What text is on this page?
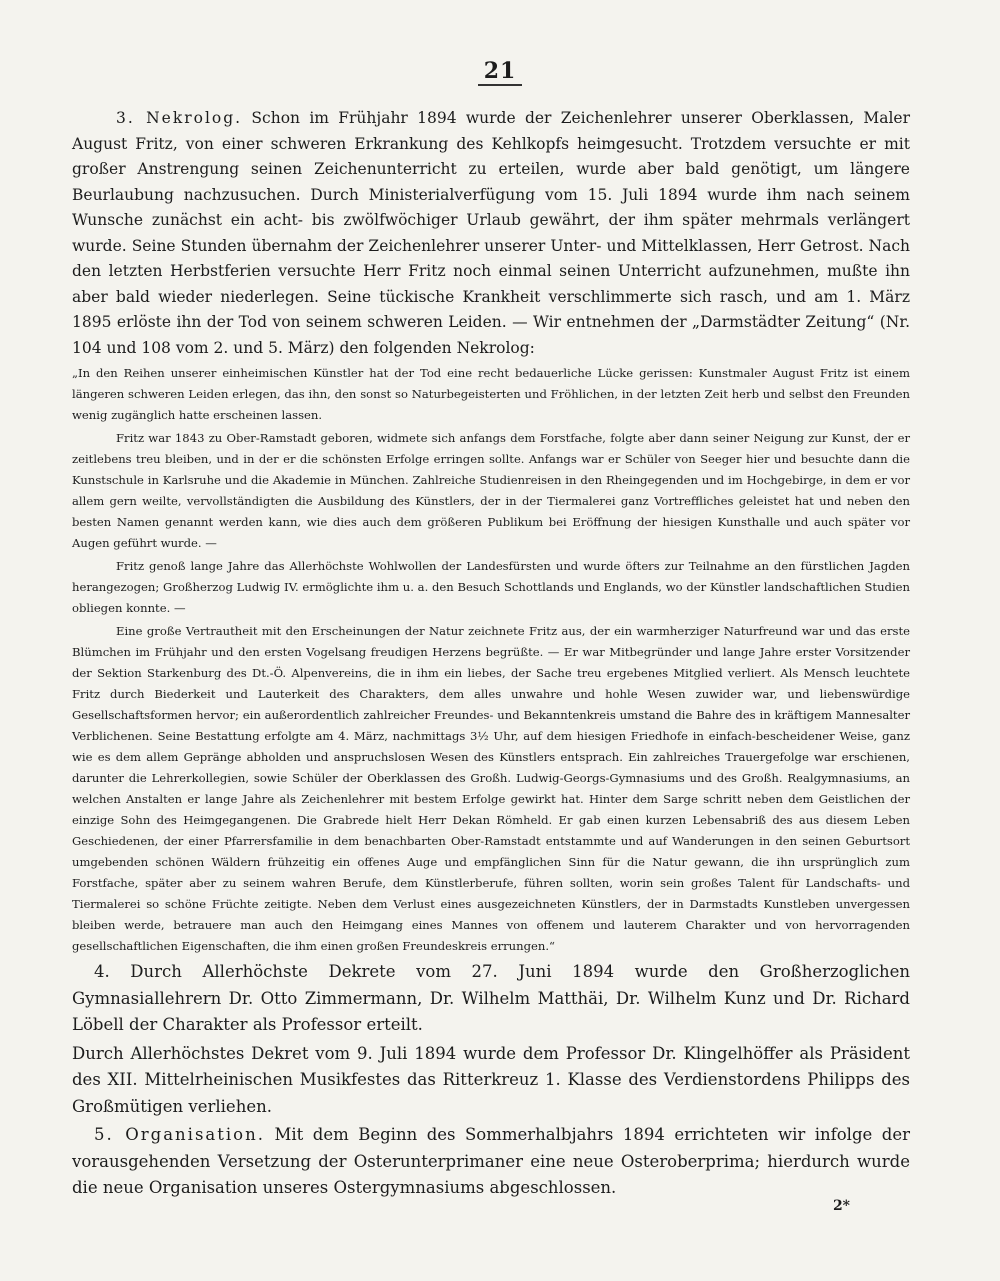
21

3. Nekrolog. Schon im Frühjahr 1894 wurde der Zeichenlehrer unserer Oberklassen, Maler August Fritz, von einer schweren Erkrankung des Kehlkopfs heimgesucht. Trotzdem versuchte er mit großer Anstrengung seinen Zeichenunterricht zu erteilen, wurde aber bald genötigt, um längere Beurlaubung nachzusuchen. Durch Ministerialverfügung vom 15. Juli 1894 wurde ihm nach seinem Wunsche zunächst ein acht- bis zwölfwöchiger Urlaub gewährt, der ihm später mehrmals verlängert wurde. Seine Stunden übernahm der Zeichenlehrer unserer Unter- und Mittelklassen, Herr Getrost. Nach den letzten Herbstferien versuchte Herr Fritz noch einmal seinen Unterricht aufzunehmen, mußte ihn aber bald wieder niederlegen. Seine tückische Krankheit verschlimmerte sich rasch, und am 1. März 1895 erlöste ihn der Tod von seinem schweren Leiden. — Wir entnehmen der „Darmstädter Zeitung“ (Nr. 104 und 108 vom 2. und 5. März) den folgenden Nekrolog:

„In den Reihen unserer einheimischen Künstler hat der Tod eine recht bedauerliche Lücke gerissen: Kunstmaler August Fritz ist einem längeren schweren Leiden erlegen, das ihn, den sonst so Naturbegeisterten und Fröhlichen, in der letzten Zeit herb und selbst den Freunden wenig zugänglich hatte erscheinen lassen.

Fritz war 1843 zu Ober-Ramstadt geboren, widmete sich anfangs dem Forstfache, folgte aber dann seiner Neigung zur Kunst, der er zeitlebens treu bleiben, und in der er die schönsten Erfolge erringen sollte. Anfangs war er Schüler von Seeger hier und besuchte dann die Kunstschule in Karlsruhe und die Akademie in München. Zahlreiche Studienreisen in den Rheingegenden und im Hochgebirge, in dem er vor allem gern weilte, vervollständigten die Ausbildung des Künstlers, der in der Tiermalerei ganz Vortreffliches geleistet hat und neben den besten Namen genannt werden kann, wie dies auch dem größeren Publikum bei Eröffnung der hiesigen Kunsthalle und auch später vor Augen geführt wurde. —

Fritz genoß lange Jahre das Allerhöchste Wohlwollen der Landesfürsten und wurde öfters zur Teilnahme an den fürstlichen Jagden herangezogen; Großherzog Ludwig IV. ermöglichte ihm u. a. den Besuch Schottlands und Englands, wo der Künstler landschaftlichen Studien obliegen konnte. —

Eine große Vertrautheit mit den Erscheinungen der Natur zeichnete Fritz aus, der ein warmherziger Naturfreund war und das erste Blümchen im Frühjahr und den ersten Vogelsang freudigen Herzens begrüßte. — Er war Mitbegründer und lange Jahre erster Vorsitzender der Sektion Starkenburg des Dt.-Ö. Alpenvereins, die in ihm ein liebes, der Sache treu ergebenes Mitglied verliert. Als Mensch leuchtete Fritz durch Biederkeit und Lauterkeit des Charakters, dem alles unwahre und hohle Wesen zuwider war, und liebenswürdige Gesellschaftsformen hervor; ein außerordentlich zahlreicher Freundes- und Bekanntenkreis umstand die Bahre des in kräftigem Mannesalter Verblichenen. Seine Bestattung erfolgte am 4. März, nachmittags 3½ Uhr, auf dem hiesigen Friedhofe in einfach-bescheidener Weise, ganz wie es dem allem Gepränge abholden und anspruchslosen Wesen des Künstlers entsprach. Ein zahlreiches Trauergefolge war erschienen, darunter die Lehrerkollegien, sowie Schüler der Oberklassen des Großh. Ludwig-Georgs-Gymnasiums und des Großh. Realgymnasiums, an welchen Anstalten er lange Jahre als Zeichenlehrer mit bestem Erfolge gewirkt hat. Hinter dem Sarge schritt neben dem Geistlichen der einzige Sohn des Heimgegangenen. Die Grabrede hielt Herr Dekan Römheld. Er gab einen kurzen Lebensabriß des aus diesem Leben Geschiedenen, der einer Pfarrersfamilie in dem benachbarten Ober-Ramstadt entstammte und auf Wanderungen in den seinen Geburtsort umgebenden schönen Wäldern frühzeitig ein offenes Auge und empfänglichen Sinn für die Natur gewann, die ihn ursprünglich zum Forstfache, später aber zu seinem wahren Berufe, dem Künstlerberufe, führen sollten, worin sein großes Talent für Landschafts- und Tiermalerei so schöne Früchte zeitigte. Neben dem Verlust eines ausgezeichneten Künstlers, der in Darmstadts Kunstleben unvergessen bleiben werde, betrauere man auch den Heimgang eines Mannes von offenem und lauterem Charakter und von hervorragenden gesellschaftlichen Eigenschaften, die ihm einen großen Freundeskreis errungen.“

4. Durch Allerhöchste Dekrete vom 27. Juni 1894 wurde den Großherzoglichen Gymnasiallehrern Dr. Otto Zimmermann, Dr. Wilhelm Matthäi, Dr. Wilhelm Kunz und Dr. Richard Löbell der Charakter als Professor erteilt.

Durch Allerhöchstes Dekret vom 9. Juli 1894 wurde dem Professor Dr. Klingelhöffer als Präsident des XII. Mittelrheinischen Musikfestes das Ritterkreuz 1. Klasse des Verdienstordens Philipps des Großmütigen verliehen.

5. Organisation. Mit dem Beginn des Sommerhalbjahrs 1894 errichteten wir infolge der vorausgehenden Versetzung der Osterunterprimaner eine neue Osteroberprima; hierdurch wurde die neue Organisation unseres Ostergymnasiums abgeschlossen.

2*
